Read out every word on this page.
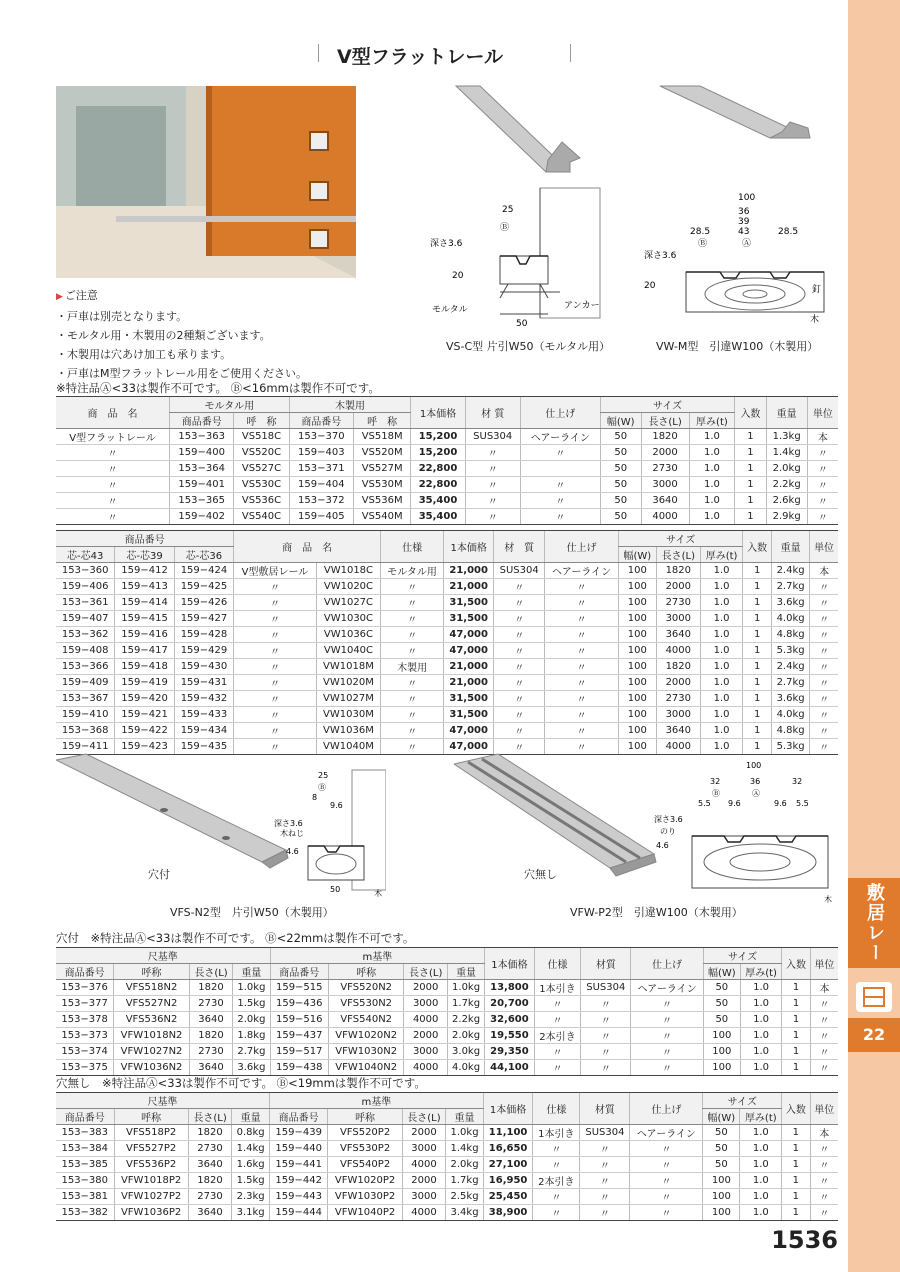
敷居レール
22
V型フラットレール
▶ ご注意
・戸車は別売となります。
・モルタル用・木製用の2種類ございます。
・木製用は穴あけ加工も承ります。
・戸車はM型フラットレール用をご使用ください。
25
Ⓑ
深さ3.6
20
モルタル	アンカー
50
VS-C型 片引W50（モルタル用）
100
36
39
43
28.5	28.5
Ⓑ	Ⓐ
深さ3.6
20	釘
木
VW-M型　引違W100（木製用）
※特注品Ⓐ<33は製作不可です。 Ⓑ<16mmは製作不可です。
商　品　名	モルタル用		木製用		1本価格	材 質	仕上げ	サイズ			入数	重量	単位
	商品番号	呼　称	商品番号	呼　称				幅(W)	長さ(L)	厚み(t)			
V型フラットレール	153−363	VS518C	153−370	VS518M	15,200	SUS304	ヘアーライン	50	1820	1.0	1	1.3kg	本
〃	159−400	VS520C	159−403	VS520M	15,200	〃	〃	50	2000	1.0	1	1.4kg	〃
〃	153−364	VS527C	153−371	VS527M	22,800	〃		50	2730	1.0	1	2.0kg	〃
〃	159−401	VS530C	159−404	VS530M	22,800	〃	〃	50	3000	1.0	1	2.2kg	〃
〃	153−365	VS536C	153−372	VS536M	35,400	〃	〃	50	3640	1.0	1	2.6kg	〃
〃	159−402	VS540C	159−405	VS540M	35,400	〃	〃	50	4000	1.0	1	2.9kg	〃
商品番号			商　品　名		仕様	1本価格	材　質	仕上げ	サイズ			入数	重量	単位
芯-芯43	芯-芯39	芯-芯36							幅(W)	長さ(L)	厚み(t)			
153−360	159−412	159−424	V型敷居レール	VW1018C	モルタル用	21,000	SUS304	ヘアーライン	100	1820	1.0	1	2.4kg	本
159−406	159−413	159−425	〃	VW1020C	〃	21,000	〃	〃	100	2000	1.0	1	2.7kg	〃
153−361	159−414	159−426	〃	VW1027C	〃	31,500	〃	〃	100	2730	1.0	1	3.6kg	〃
159−407	159−415	159−427	〃	VW1030C	〃	31,500	〃	〃	100	3000	1.0	1	4.0kg	〃
153−362	159−416	159−428	〃	VW1036C	〃	47,000	〃	〃	100	3640	1.0	1	4.8kg	〃
159−408	159−417	159−429	〃	VW1040C	〃	47,000	〃	〃	100	4000	1.0	1	5.3kg	〃
153−366	159−418	159−430	〃	VW1018M	木製用	21,000	〃	〃	100	1820	1.0	1	2.4kg	〃
159−409	159−419	159−431	〃	VW1020M	〃	21,000	〃	〃	100	2000	1.0	1	2.7kg	〃
153−367	159−420	159−432	〃	VW1027M	〃	31,500	〃	〃	100	2730	1.0	1	3.6kg	〃
159−410	159−421	159−433	〃	VW1030M	〃	31,500	〃	〃	100	3000	1.0	1	4.0kg	〃
153−368	159−422	159−434	〃	VW1036M	〃	47,000	〃	〃	100	3640	1.0	1	4.8kg	〃
159−411	159−423	159−435	〃	VW1040M	〃	47,000	〃	〃	100	4000	1.0	1	5.3kg	〃
25
Ⓑ
8
9.6
深さ3.6
木ねじ
4.6
50	木
穴付
VFS-N2型　片引W50（木製用）
100
32	36	32
Ⓑ	Ⓐ
5.5 9.6	9.6 5.5
深さ3.6
のり
4.6
木
穴無し
VFW-P2型　引違W100（木製用）
穴付　※特注品Ⓐ<33は製作不可です。 Ⓑ<22mmは製作不可です。
尺基準				m基準				1本価格	仕様	材質	仕上げ	サイズ		入数	単位
商品番号	呼称	長さ(L)	重量	商品番号	呼称	長さ(L)	重量					幅(W)	厚み(t)		
153−376	VFS518N2	1820	1.0kg	159−515	VFS520N2	2000	1.0kg	13,800	1本引き	SUS304	ヘアーライン	50	1.0	1	本
153−377	VFS527N2	2730	1.5kg	159−436	VFS530N2	3000	1.7kg	20,700	〃	〃	〃	50	1.0	1	〃
153−378	VFS536N2	3640	2.0kg	159−516	VFS540N2	4000	2.2kg	32,600	〃	〃	〃	50	1.0	1	〃
153−373	VFW1018N2	1820	1.8kg	159−437	VFW1020N2	2000	2.0kg	19,550	2本引き	〃	〃	100	1.0	1	〃
153−374	VFW1027N2	2730	2.7kg	159−517	VFW1030N2	3000	3.0kg	29,350	〃	〃	〃	100	1.0	1	〃
153−375	VFW1036N2	3640	3.6kg	159−438	VFW1040N2	4000	4.0kg	44,100	〃	〃	〃	100	1.0	1	〃
穴無し　※特注品Ⓐ<33は製作不可です。 Ⓑ<19mmは製作不可です。
尺基準				m基準				1本価格	仕様	材質	仕上げ	サイズ		入数	単位
商品番号	呼称	長さ(L)	重量	商品番号	呼称	長さ(L)	重量					幅(W)	厚み(t)		
153−383	VFS518P2	1820	0.8kg	159−439	VFS520P2	2000	1.0kg	11,100	1本引き	SUS304	ヘアーライン	50	1.0	1	本
153−384	VFS527P2	2730	1.4kg	159−440	VFS530P2	3000	1.4kg	16,650	〃	〃	〃	50	1.0	1	〃
153−385	VFS536P2	3640	1.6kg	159−441	VFS540P2	4000	2.0kg	27,100	〃	〃	〃	50	1.0	1	〃
153−380	VFW1018P2	1820	1.5kg	159−442	VFW1020P2	2000	1.7kg	16,950	2本引き	〃	〃	100	1.0	1	〃
153−381	VFW1027P2	2730	2.3kg	159−443	VFW1030P2	3000	2.5kg	25,450	〃	〃	〃	100	1.0	1	〃
153−382	VFW1036P2	3640	3.1kg	159−444	VFW1040P2	4000	3.4kg	38,900	〃	〃	〃	100	1.0	1	〃
1536
